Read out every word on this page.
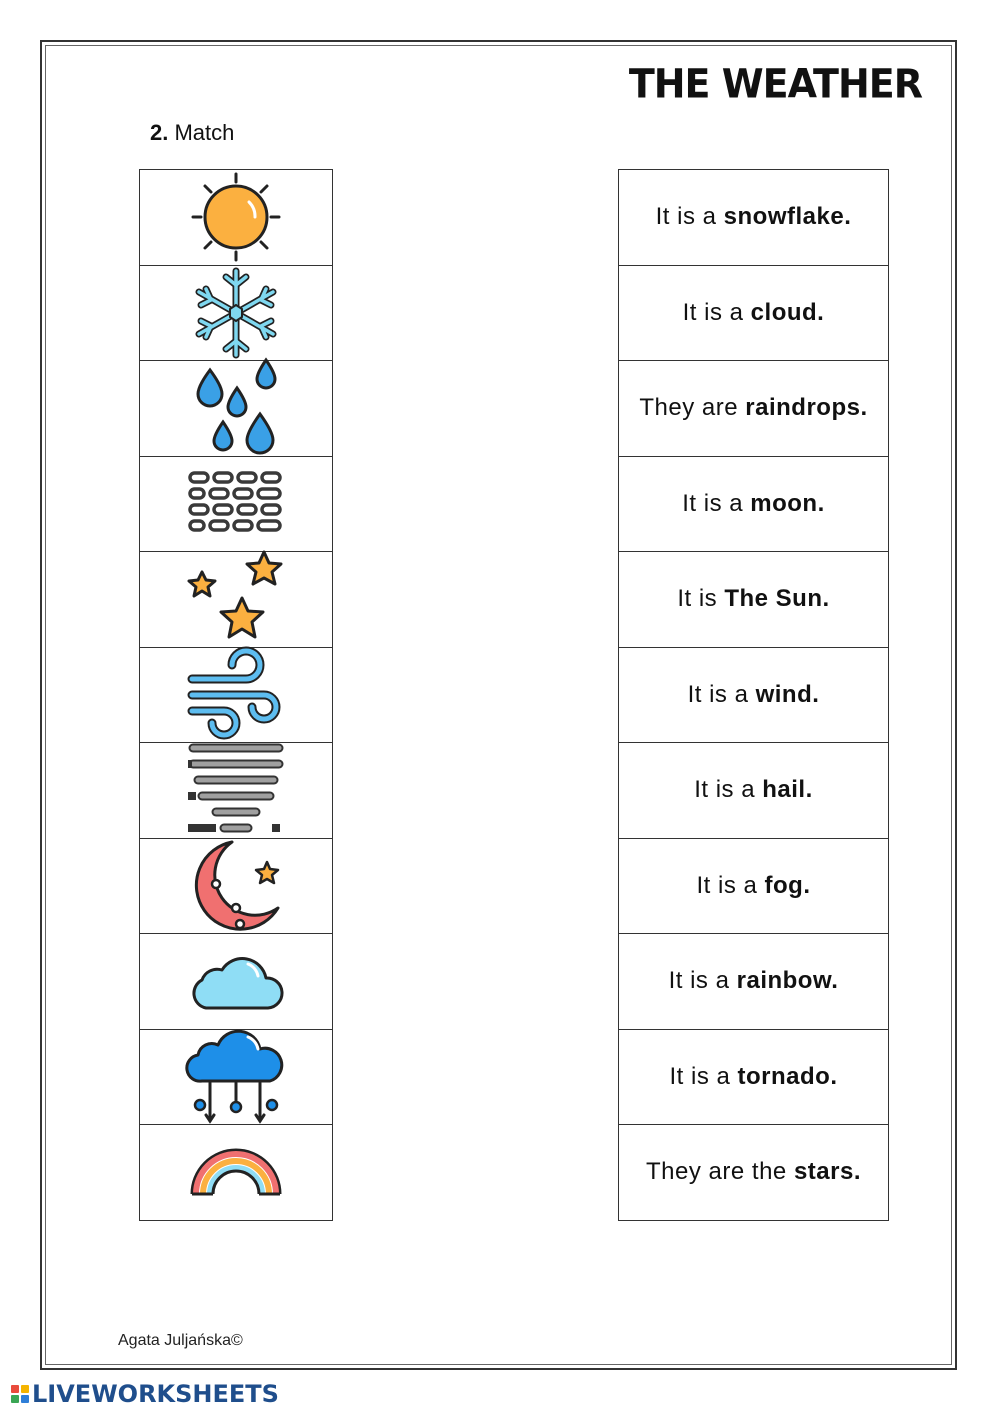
THE WEATHER
2. Match
It is a snowflake.
It is a cloud.
They are raindrops.
It is a moon.
It is The Sun.
It is a wind.
It is a hail.
It is a fog.
It is a rainbow.
It is a tornado.
They are the stars.
Agata Juljańska©
LIVEWORKSHEETS
